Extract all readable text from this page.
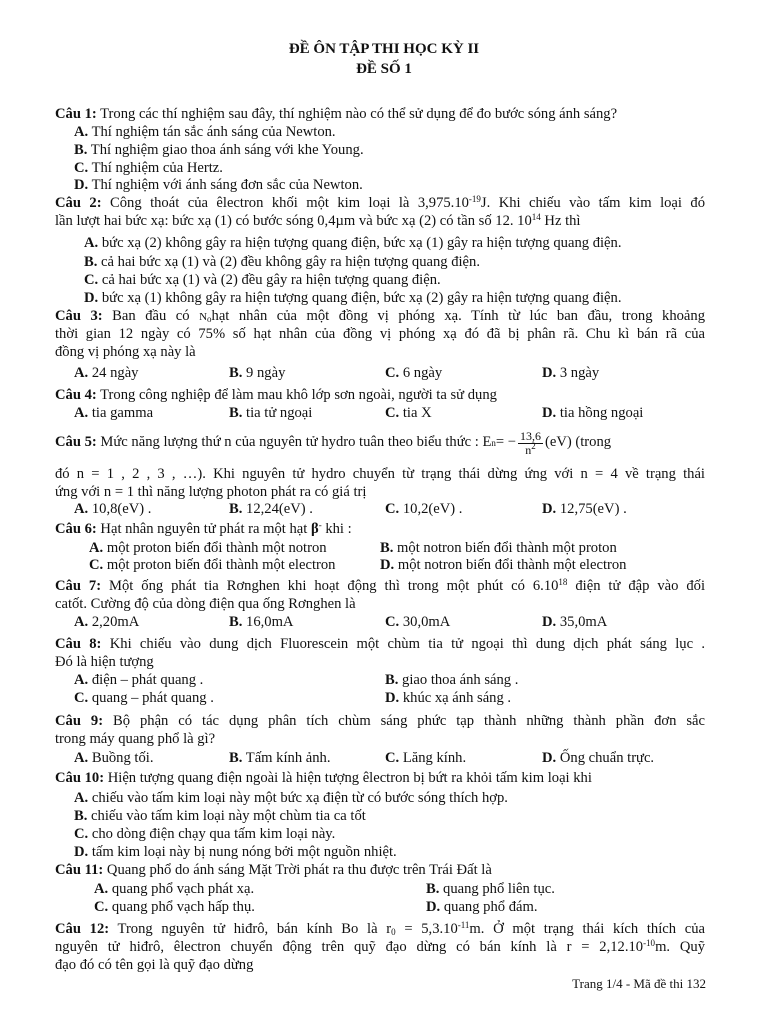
ĐỀ ÔN TẬP THI HỌC KỲ II
ĐỀ SỐ 1
Câu 1: Trong các thí nghiệm sau đây, thí nghiệm nào có thể sử dụng để đo bước sóng ánh sáng?
A. Thí nghiệm tán sắc ánh sáng của Newton.
B. Thí nghiệm giao thoa ánh sáng với khe Young.
C. Thí nghiệm của Hertz.
D. Thí nghiệm với ánh sáng đơn sắc của Newton.
Câu 2: Công thoát của êlectron khối một kim loại là $3,975.10^{-19}J$. Khi chiếu vào tấm kim loại đó
lần lượt hai bức xạ: bức xạ (1) có bước sóng 0,4µm và bức xạ (2) có tần số 12. $10^{14}$ Hz thì
A. bức xạ (2) không gây ra hiện tượng quang điện, bức xạ (1) gây ra hiện tượng quang điện.
B. cả hai bức xạ (1) và (2) đều không gây ra hiện tượng quang điện.
C. cả hai bức xạ (1) và (2) đều gây ra hiện tượng quang điện.
D. bức xạ (1) không gây ra hiện tượng quang điện, bức xạ (2) gây ra hiện tượng quang điện.
Câu 3: Ban đầu có $N_ohạt$ nhân của một đồng vị phóng xạ. Tính từ lúc ban đầu, trong khoảng
thời gian 12 ngày có 75% số hạt nhân của đồng vị phóng xạ đó đã bị phân rã. Chu kì bán rã của
đồng vị phóng xạ này là
A. 24 ngày	B. 9 ngày	C. 6 ngày	D. 3 ngày
Câu 4: Trong công nghiệp để làm mau khô lớp sơn ngoài, người ta sử dụng
A. tia gamma	B. tia tử ngoại	C. tia X	D. tia hồng ngoại
Câu 5:
Mức năng lượng thứ n của nguyên tử hydro tuân theo biểu thức : E n = − $\frac{13,6}{n^2} (eV)$ (trong
đó n = 1 , 2 , 3 , …). Khi nguyên tử hydro chuyển từ trạng thái dừng ứng với n = 4 về trạng thái
ứng với n = 1 thì năng lượng photon phát ra có giá trị
A. 10,8(eV) .	B. 12,24(eV) .	C. 10,2(eV) .	D. 12,75(eV) .
Câu 6: Hạt nhân nguyên tử phát ra một hạt β- khi :
A. một proton biến đổi thành một notron	B. một notron biến đổi thành một proton
C. một proton biến đổi thành một electron	D. một notron biến đổi thành một electron
Câu 7: Một ống phát tia Rơnghen khi hoạt động thì trong một phút có 6.10$^{18}$ điện tử đập vào đối
catốt. Cường độ của dòng điện qua ống Rơnghen là
A. 2,20mA	B. 16,0mA	C. 30,0mA	D. 35,0mA
Câu 8: Khi chiếu vào dung dịch Fluorescein một chùm tia tử ngoại thì dung dịch phát sáng lục .
Đó là hiện tượng
A. điện – phát quang .	B. giao thoa ánh sáng .
C. quang – phát quang .	D. khúc xạ ánh sáng .
Câu 9: Bộ phận có tác dụng phân tích chùm sáng phức tạp thành những thành phần đơn sắc
trong máy quang phổ là gì?
A. Buồng tối.	B. Tấm kính ảnh.	C. Lăng kính.	D. Ống chuẩn trực.
Câu 10: Hiện tượng quang điện ngoài là hiện tượng êlectron bị bứt ra khỏi tấm kim loại khi
A. chiếu vào tấm kim loại này một bức xạ điện từ có bước sóng thích hợp.
B. chiếu vào tấm kim loại này một chùm tia ca tốt
C. cho dòng điện chạy qua tấm kim loại này.
D. tấm kim loại này bị nung nóng bởi một nguồn nhiệt.
Câu 11: Quang phổ do ánh sáng Mặt Trời phát ra thu được trên Trái Đất là
A. quang phổ vạch phát xạ.	B. quang phổ liên tục.
C. quang phổ vạch hấp thụ.	D. quang phổ đám.
Câu 12: Trong nguyên tử hiđrô, bán kính Bo là $r_0 = 5,3.10^{-11}m$. Ở một trạng thái kích thích của
nguyên tử hiđrô, êlectron chuyển động trên quỹ đạo dừng có bán kính là $r = 2,12.10^{-10}m$. Quỹ
đạo đó có tên gọi là quỹ đạo dừng
Trang 1/4 - Mã đề thi 132
